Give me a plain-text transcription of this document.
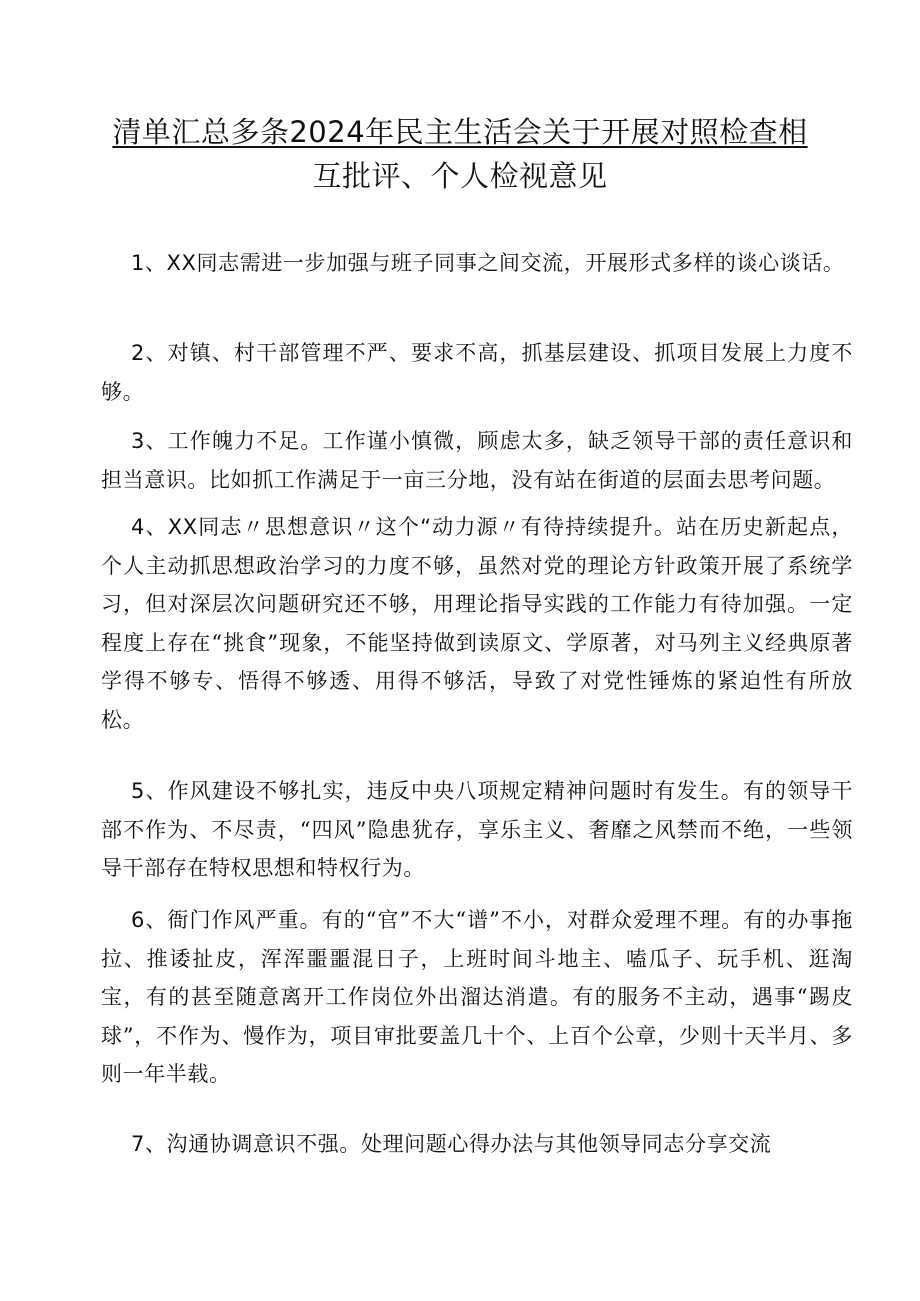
清单汇总多条2024年民主生活会关于开展对照检查相
互批评、个人检视意见

1、XX同志需进一步加强与班子同事之间交流，开展形式多样的谈心谈话。

2、对镇、村干部管理不严、要求不高，抓基层建设、抓项目发展上力度不够。

3、工作魄力不足。工作谨小慎微，顾虑太多，缺乏领导干部的责任意识和担当意识。比如抓工作满足于一亩三分地，没有站在街道的层面去思考问题。

4、XX同志〃思想意识〃这个“动力源〃有待持续提升。站在历史新起点，个人主动抓思想政治学习的力度不够，虽然对党的理论方针政策开展了系统学习，但对深层次问题研究还不够，用理论指导实践的工作能力有待加强。一定程度上存在“挑食”现象，不能坚持做到读原文、学原著，对马列主义经典原著学得不够专、悟得不够透、用得不够活，导致了对党性锤炼的紧迫性有所放松。

5、作风建设不够扎实，违反中央八项规定精神问题时有发生。有的领导干部不作为、不尽责，“四风”隐患犹存，享乐主义、奢靡之风禁而不绝，一些领导干部存在特权思想和特权行为。

6、衙门作风严重。有的“官”不大“谱”不小，对群众爱理不理。有的办事拖拉、推诿扯皮，浑浑噩噩混日子，上班时间斗地主、嗑瓜子、玩手机、逛淘宝，有的甚至随意离开工作岗位外出溜达消遣。有的服务不主动，遇事“踢皮球”，不作为、慢作为，项目审批要盖几十个、上百个公章，少则十天半月、多则一年半载。

7、沟通协调意识不强。处理问题心得办法与其他领导同志分享交流
